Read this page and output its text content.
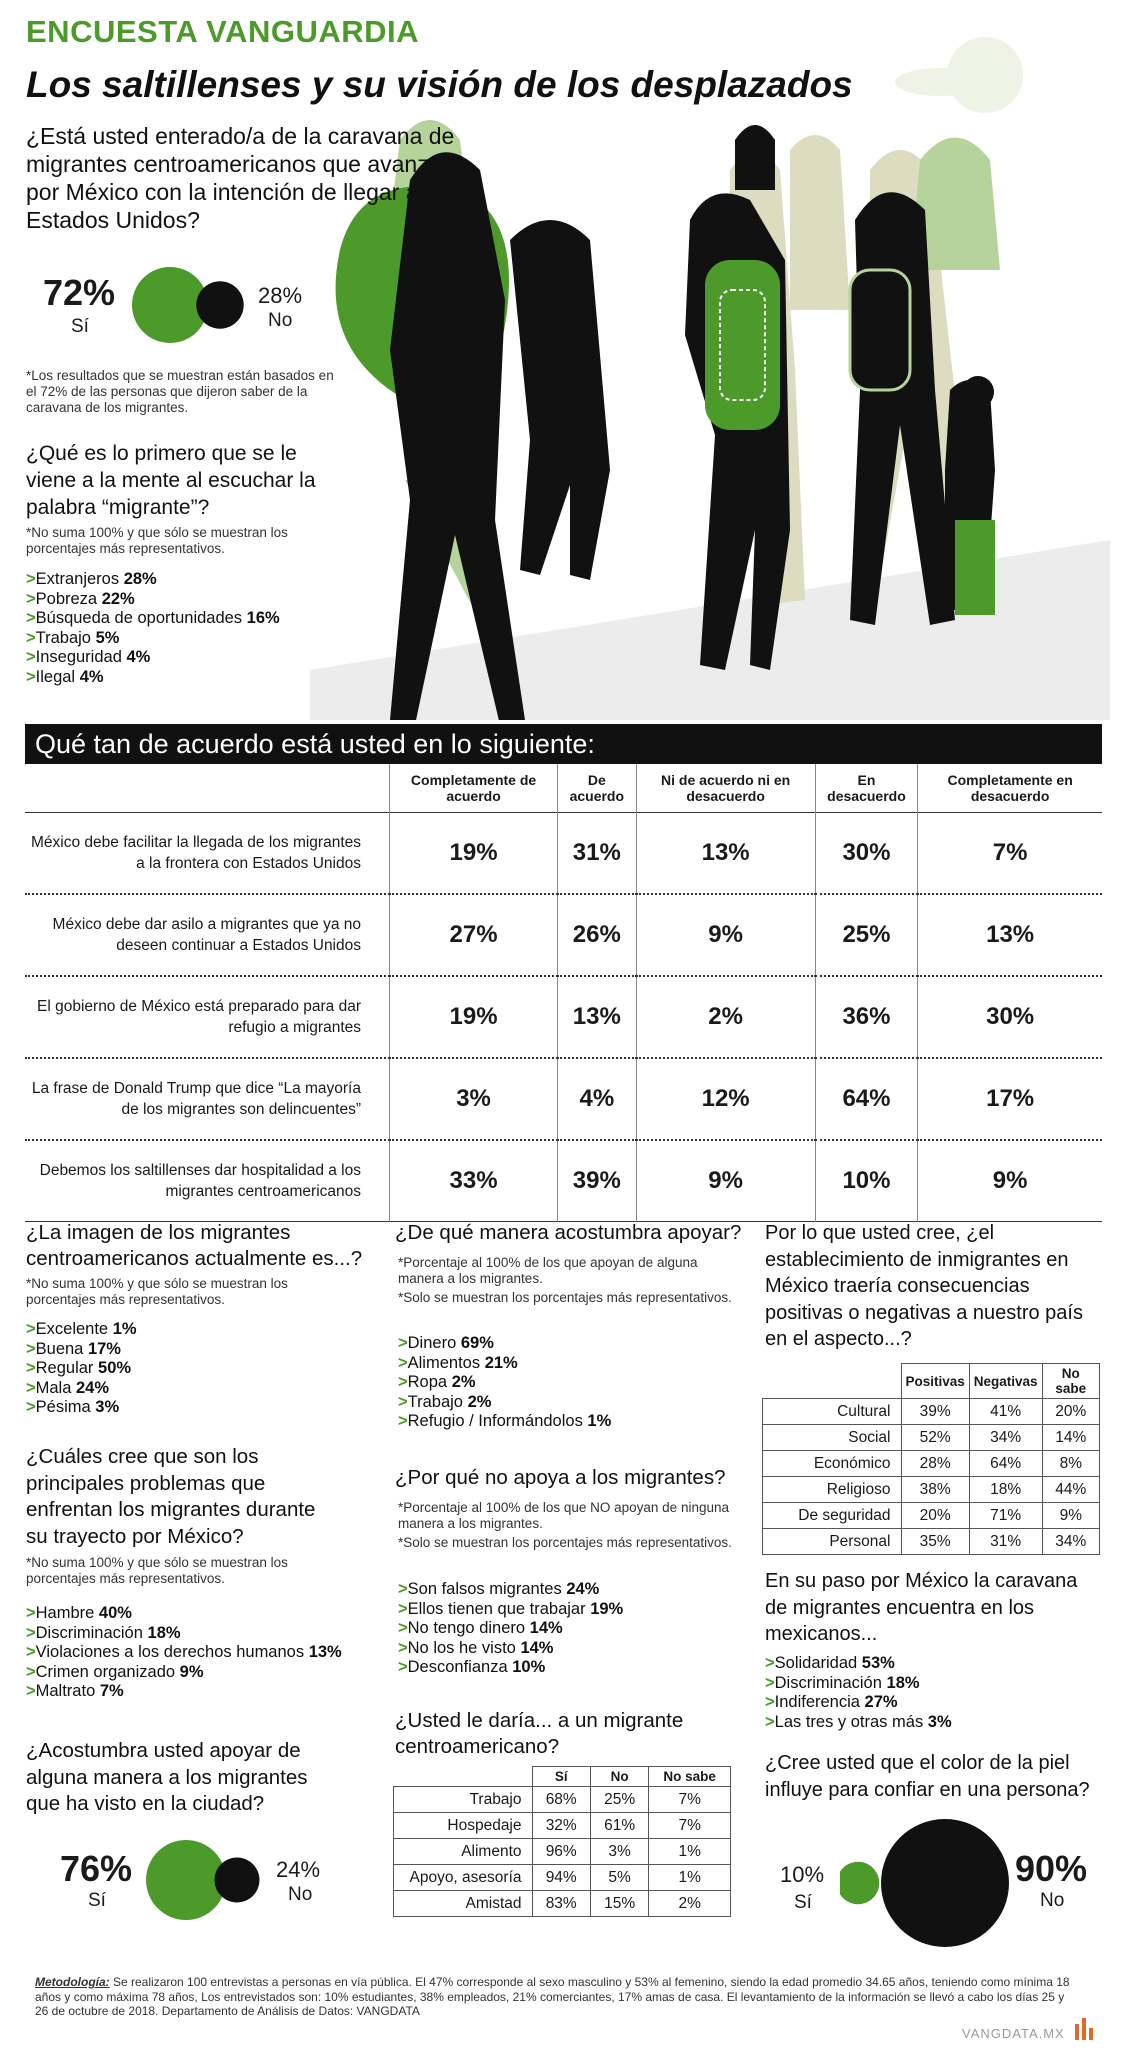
ENCUESTA VANGUARDIA
Los saltillenses y su visión de los desplazados
¿Está usted enterado/a de la caravana de migrantes centroamericanos que avanza por México con la intención de llegar a Estados Unidos?
72%
Sí
28%
No
*Los resultados que se muestran están basados en el 72% de las personas que dijeron saber de la caravana de los migrantes.
¿Qué es lo primero que se le viene a la mente al escuchar la palabra “migrante”?
*No suma 100% y que sólo se muestran los porcentajes más representativos.
>Extranjeros 28%
>Pobreza 22%
>Búsqueda de oportunidades 16%
>Trabajo 5%
>Inseguridad 4%
>Ilegal 4%
Qué tan de acuerdo está usted en lo siguiente:
	Completamente de acuerdo	De acuerdo	Ni de acuerdo ni en desacuerdo	En desacuerdo	Completamente en desacuerdo
México debe facilitar la llegada de los migrantes a la frontera con Estados Unidos	19%	31%	13%	30%	7%
México debe dar asilo a migrantes que ya no deseen continuar a Estados Unidos	27%	26%	9%	25%	13%
El gobierno de México está preparado para dar refugio a migrantes	19%	13%	2%	36%	30%
La frase de Donald Trump que dice “La mayoría de los migrantes son delincuentes”	3%	4%	12%	64%	17%
Debemos los saltillenses dar hospitalidad a los migrantes centroamericanos	33%	39%	9%	10%	9%
¿La imagen de los migrantes centroamericanos actualmente es...?
*No suma 100% y que sólo se muestran los porcentajes más representativos.
>Excelente 1%
>Buena 17%
>Regular 50%
>Mala 24%
>Pésima 3%
¿Cuáles cree que son los principales problemas que enfrentan los migrantes durante su trayecto por México?
*No suma 100% y que sólo se muestran los porcentajes más representativos.
>Hambre 40%
>Discriminación 18%
>Violaciones a los derechos humanos 13%
>Crimen organizado 9%
>Maltrato 7%
¿Acostumbra usted apoyar de alguna manera a los migrantes que ha visto en la ciudad?
76%
Sí
24%
No
¿De qué manera acostumbra apoyar?
*Porcentaje al 100% de los que apoyan de alguna manera a los migrantes.
*Solo se muestran los porcentajes más representativos.
>Dinero 69%
>Alimentos 21%
>Ropa 2%
>Trabajo 2%
>Refugio / Informándolos 1%
¿Por qué no apoya a los migrantes?
*Porcentaje al 100% de los que NO apoyan de ninguna manera a los migrantes.
*Solo se muestran los porcentajes más representativos.
>Son falsos migrantes 24%
>Ellos tienen que trabajar 19%
>No tengo dinero 14%
>No los he visto 14%
>Desconfianza 10%
¿Usted le daría... a un migrante centroamericano?
	Sí	No	No sabe
Trabajo	68%	25%	7%
Hospedaje	32%	61%	7%
Alimento	96%	3%	1%
Apoyo, asesoría	94%	5%	1%
Amistad	83%	15%	2%
Por lo que usted cree, ¿el establecimiento de inmigrantes en México traería consecuencias positivas o negativas a nuestro país en el aspecto...?
	Positivas	Negativas	No sabe
Cultural	39%	41%	20%
Social	52%	34%	14%
Económico	28%	64%	8%
Religioso	38%	18%	44%
De seguridad	20%	71%	9%
Personal	35%	31%	34%
En su paso por México la caravana de migrantes encuentra en los mexicanos...
>Solidaridad 53%
>Discriminación 18%
>Indiferencia 27%
>Las tres y otras más 3%
¿Cree usted que el color de la piel influye para confiar en una persona?
10%
Sí
90%
No
Metodología: Se realizaron 100 entrevistas a personas en vía pública. El 47% corresponde al sexo masculino y 53% al femenino, siendo la edad promedio 34.65 años, teniendo como mínima 18 años y como máxima 78 años, Los entrevistados son: 10% estudiantes, 38% empleados, 21% comerciantes, 17% amas de casa. El levantamiento de la información se llevó a cabo los días 25 y 26 de octubre de 2018. Departamento de Análisis de Datos: VANGDATA
VANGDATA.MX
